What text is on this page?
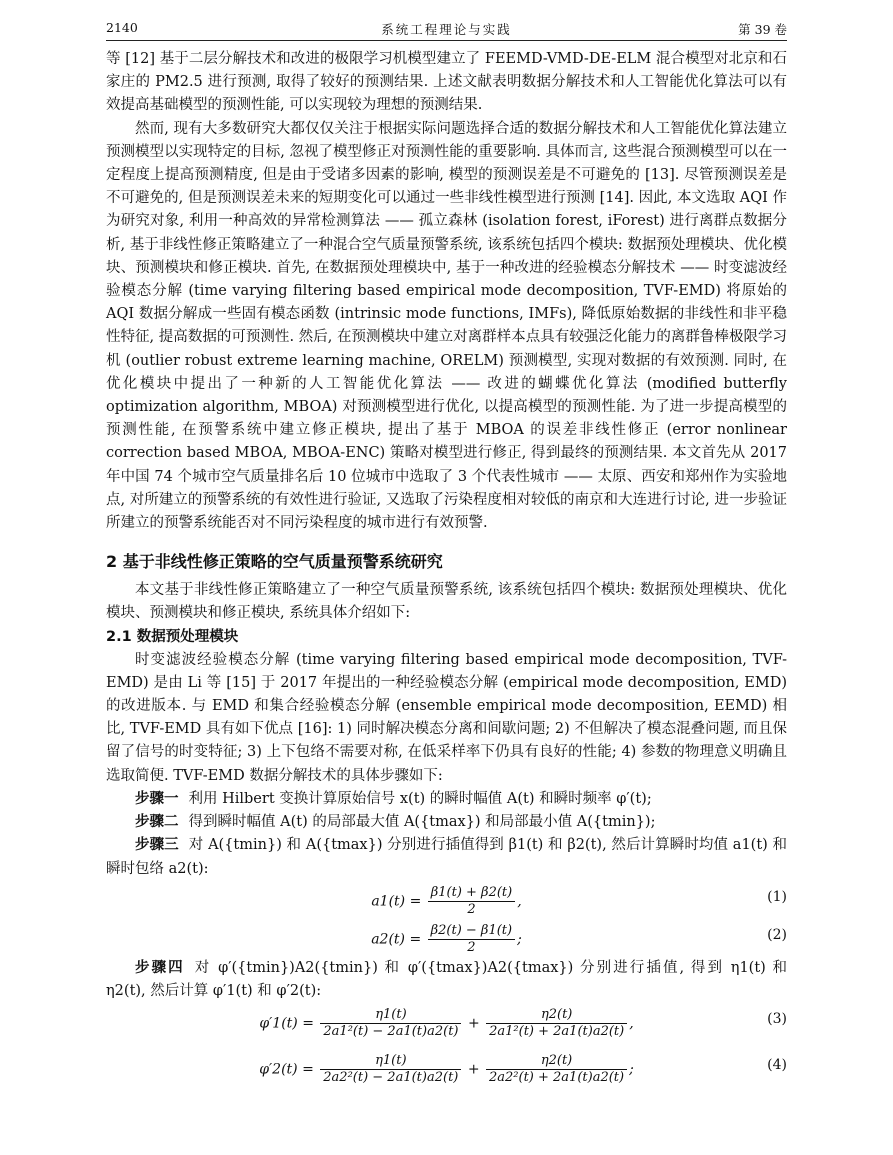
2140	系统工程理论与实践	第 39 卷

等 [12] 基于二层分解技术和改进的极限学习机模型建立了 FEEMD-VMD-DE-ELM 混合模型对北京和石家庄的 PM2.5 进行预测, 取得了较好的预测结果. 上述文献表明数据分解技术和人工智能优化算法可以有效提高基础模型的预测性能, 可以实现较为理想的预测结果.

然而, 现有大多数研究大都仅仅关注于根据实际问题选择合适的数据分解技术和人工智能优化算法建立预测模型以实现特定的目标, 忽视了模型修正对预测性能的重要影响. 具体而言, 这些混合预测模型可以在一定程度上提高预测精度, 但是由于受诸多因素的影响, 模型的预测误差是不可避免的 [13]. 尽管预测误差是不可避免的, 但是预测误差未来的短期变化可以通过一些非线性模型进行预测 [14]. 因此, 本文选取 AQI 作为研究对象, 利用一种高效的异常检测算法 —— 孤立森林 (isolation forest, iForest) 进行离群点数据分析, 基于非线性修正策略建立了一种混合空气质量预警系统, 该系统包括四个模块: 数据预处理模块、优化模块、预测模块和修正模块. 首先, 在数据预处理模块中, 基于一种改进的经验模态分解技术 —— 时变滤波经验模态分解 (time varying filtering based empirical mode decomposition, TVF-EMD) 将原始的 AQI 数据分解成一些固有模态函数 (intrinsic mode functions, IMFs), 降低原始数据的非线性和非平稳性特征, 提高数据的可预测性. 然后, 在预测模块中建立对离群样本点具有较强泛化能力的离群鲁棒极限学习机 (outlier robust extreme learning machine, ORELM) 预测模型, 实现对数据的有效预测. 同时, 在优化模块中提出了一种新的人工智能优化算法 —— 改进的蝴蝶优化算法 (modified butterfly optimization algorithm, MBOA) 对预测模型进行优化, 以提高模型的预测性能. 为了进一步提高模型的预测性能, 在预警系统中建立修正模块, 提出了基于 MBOA 的误差非线性修正 (error nonlinear correction based MBOA, MBOA-ENC) 策略对模型进行修正, 得到最终的预测结果. 本文首先从 2017 年中国 74 个城市空气质量排名后 10 位城市中选取了 3 个代表性城市 —— 太原、西安和郑州作为实验地点, 对所建立的预警系统的有效性进行验证, 又选取了污染程度相对较低的南京和大连进行讨论, 进一步验证所建立的预警系统能否对不同污染程度的城市进行有效预警.

2 基于非线性修正策略的空气质量预警系统研究

本文基于非线性修正策略建立了一种空气质量预警系统, 该系统包括四个模块: 数据预处理模块、优化模块、预测模块和修正模块, 系统具体介绍如下:

2.1 数据预处理模块

时变滤波经验模态分解 (time varying filtering based empirical mode decomposition, TVF-EMD) 是由 Li 等 [15] 于 2017 年提出的一种经验模态分解 (empirical mode decomposition, EMD) 的改进版本. 与 EMD 和集合经验模态分解 (ensemble empirical mode decomposition, EEMD) 相比, TVF-EMD 具有如下优点 [16]: 1) 同时解决模态分离和间歇问题; 2) 不但解决了模态混叠问题, 而且保留了信号的时变特征; 3) 上下包络不需要对称, 在低采样率下仍具有良好的性能; 4) 参数的物理意义明确且选取简便. TVF-EMD 数据分解技术的具体步骤如下:

步骤一 利用 Hilbert 变换计算原始信号 x(t) 的瞬时幅值 A(t) 和瞬时频率 φ′(t);

步骤二 得到瞬时幅值 A(t) 的局部最大值 A({tmax}) 和局部最小值 A({tmin});

步骤三 对 A({tmin}) 和 A({tmax}) 分别进行插值得到 β1(t) 和 β2(t), 然后计算瞬时均值 a1(t) 和瞬时包络 a2(t):

$a1(t) = \frac{\beta 1(t) + \beta 2(t)}{2}$ ,	(1)
$a2(t) = \frac{\beta 2(t) - \beta 1(t)}{2}$ ;	(2)

步骤四 对 φ′({tmin})A2({tmin}) 和 φ′({tmax})A2({tmax}) 分别进行插值, 得到 η1(t) 和 η2(t), 然后计算 φ′1(t) 和 φ′2(t):

$\varphi'1(t) = \frac{\eta 1(t)}{\text{2a1²(t) − 2a1(t)a2(t)}} + \frac{\eta 2(t)}{\text{2a1²(t) + 2a1(t)a2(t)}}$ ,	(3)
$\varphi'2(t) = \frac{\eta 1(t)}{\text{2a2²(t) − 2a1(t)a2(t)}} + \frac{\eta 2(t)}{\text{2a2²(t) + 2a1(t)a2(t)}}$ ;	(4)
